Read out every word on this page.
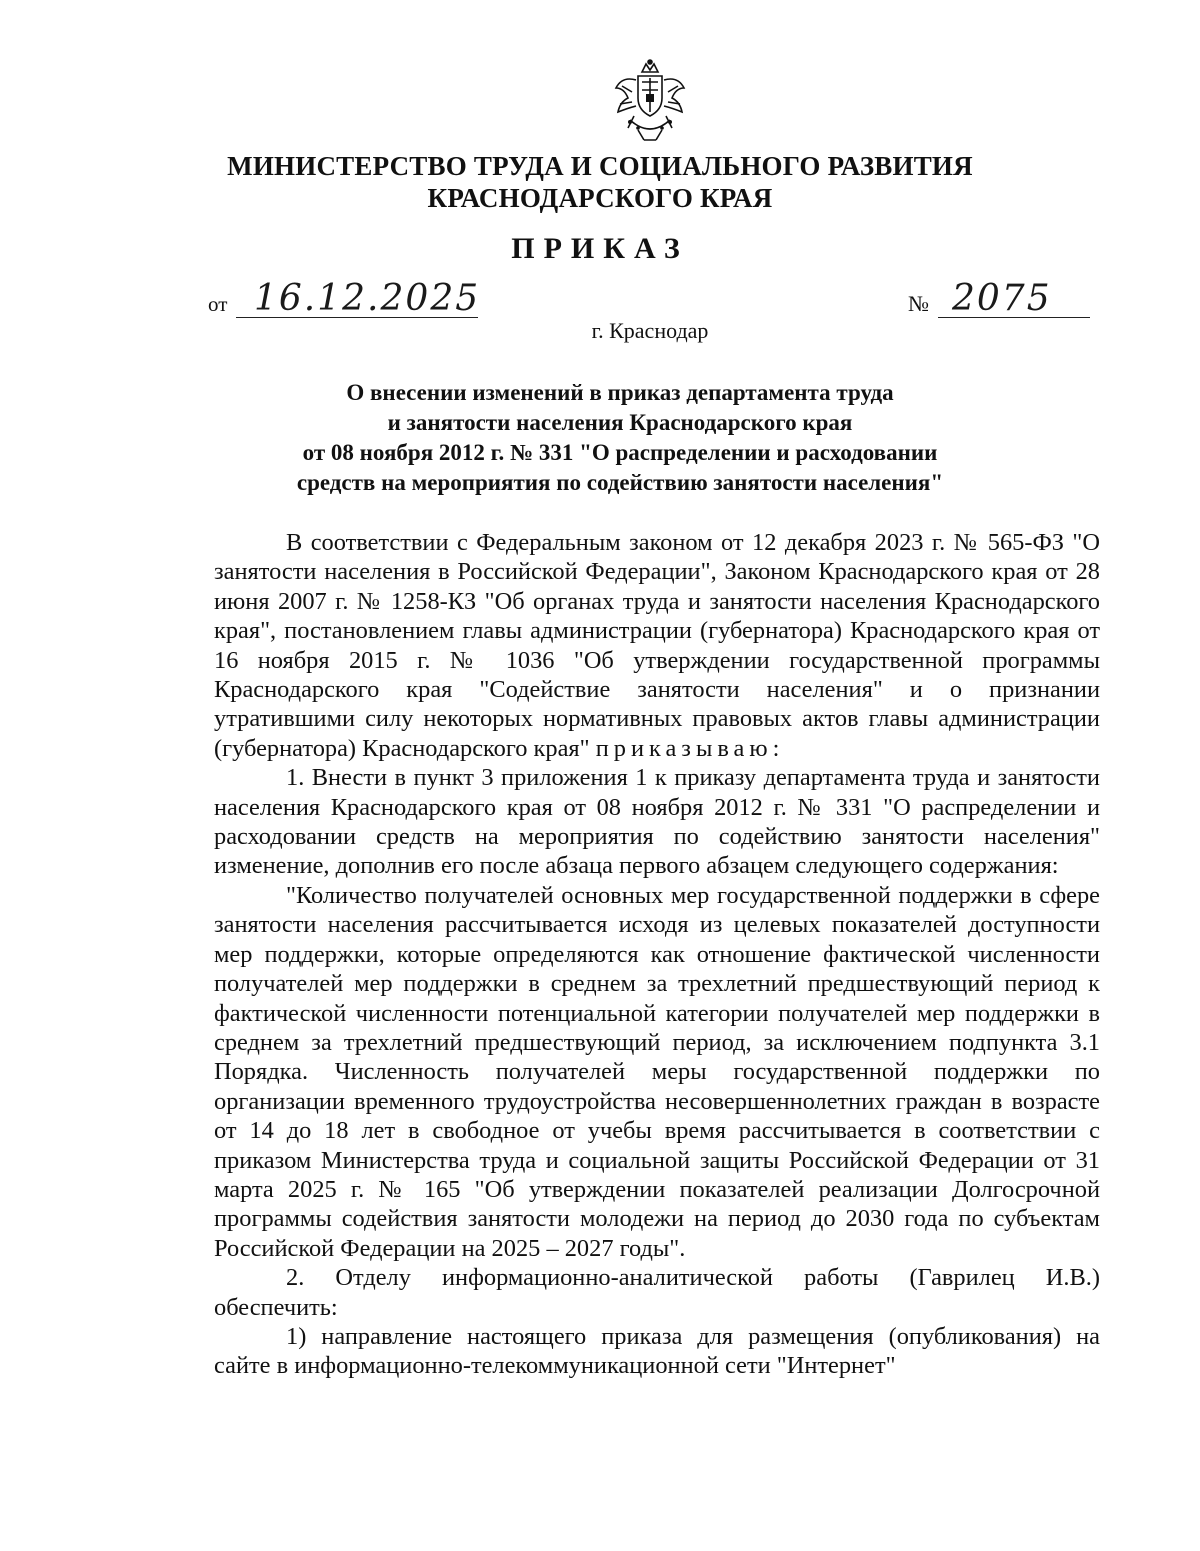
МИНИСТЕРСТВО ТРУДА И СОЦИАЛЬНОГО РАЗВИТИЯ
КРАСНОДАРСКОГО КРАЯ
ПРИКАЗ
от 16.12.2025	№ 2075
г. Краснодар
О внесении изменений в приказ департамента труда
и занятости населения Краснодарского края
от 08 ноября 2012 г. № 331 "О распределении и расходовании
средств на мероприятия по содействию занятости населения"

В соответствии с Федеральным законом от 12 декабря 2023 г. № 565-ФЗ "О занятости населения в Российской Федерации", Законом Краснодарского края от 28 июня 2007 г. № 1258-КЗ "Об органах труда и занятости населения Краснодарского края", постановлением главы администрации (губернатора) Краснодарского края от 16 ноября 2015 г. № 1036 "Об утверждении государственной программы Краснодарского края "Содействие занятости населения" и о признании утратившими силу некоторых нормативных правовых актов главы администрации (губернатора) Краснодарского края" приказываю:

1. Внести в пункт 3 приложения 1 к приказу департамента труда и занятости населения Краснодарского края от 08 ноября 2012 г. № 331 "О распределении и расходовании средств на мероприятия по содействию занятости населения" изменение, дополнив его после абзаца первого абзацем следующего содержания:

"Количество получателей основных мер государственной поддержки в сфере занятости населения рассчитывается исходя из целевых показателей доступности мер поддержки, которые определяются как отношение фактической численности получателей мер поддержки в среднем за трехлетний предшествующий период к фактической численности потенциальной категории получателей мер поддержки в среднем за трехлетний предшествующий период, за исключением подпункта 3.1 Порядка. Численность получателей меры государственной поддержки по организации временного трудоустройства несовершеннолетних граждан в возрасте от 14 до 18 лет в свободное от учебы время рассчитывается в соответствии с приказом Министерства труда и социальной защиты Российской Федерации от 31 марта 2025 г. № 165 "Об утверждении показателей реализации Долгосрочной программы содействия занятости молодежи на период до 2030 года по субъектам Российской Федерации на 2025 – 2027 годы".

2. Отделу информационно-аналитической работы (Гаврилец И.В.) обеспечить:

1) направление настоящего приказа для размещения (опубликования) на сайте в информационно-телекоммуникационной сети "Интернет"
